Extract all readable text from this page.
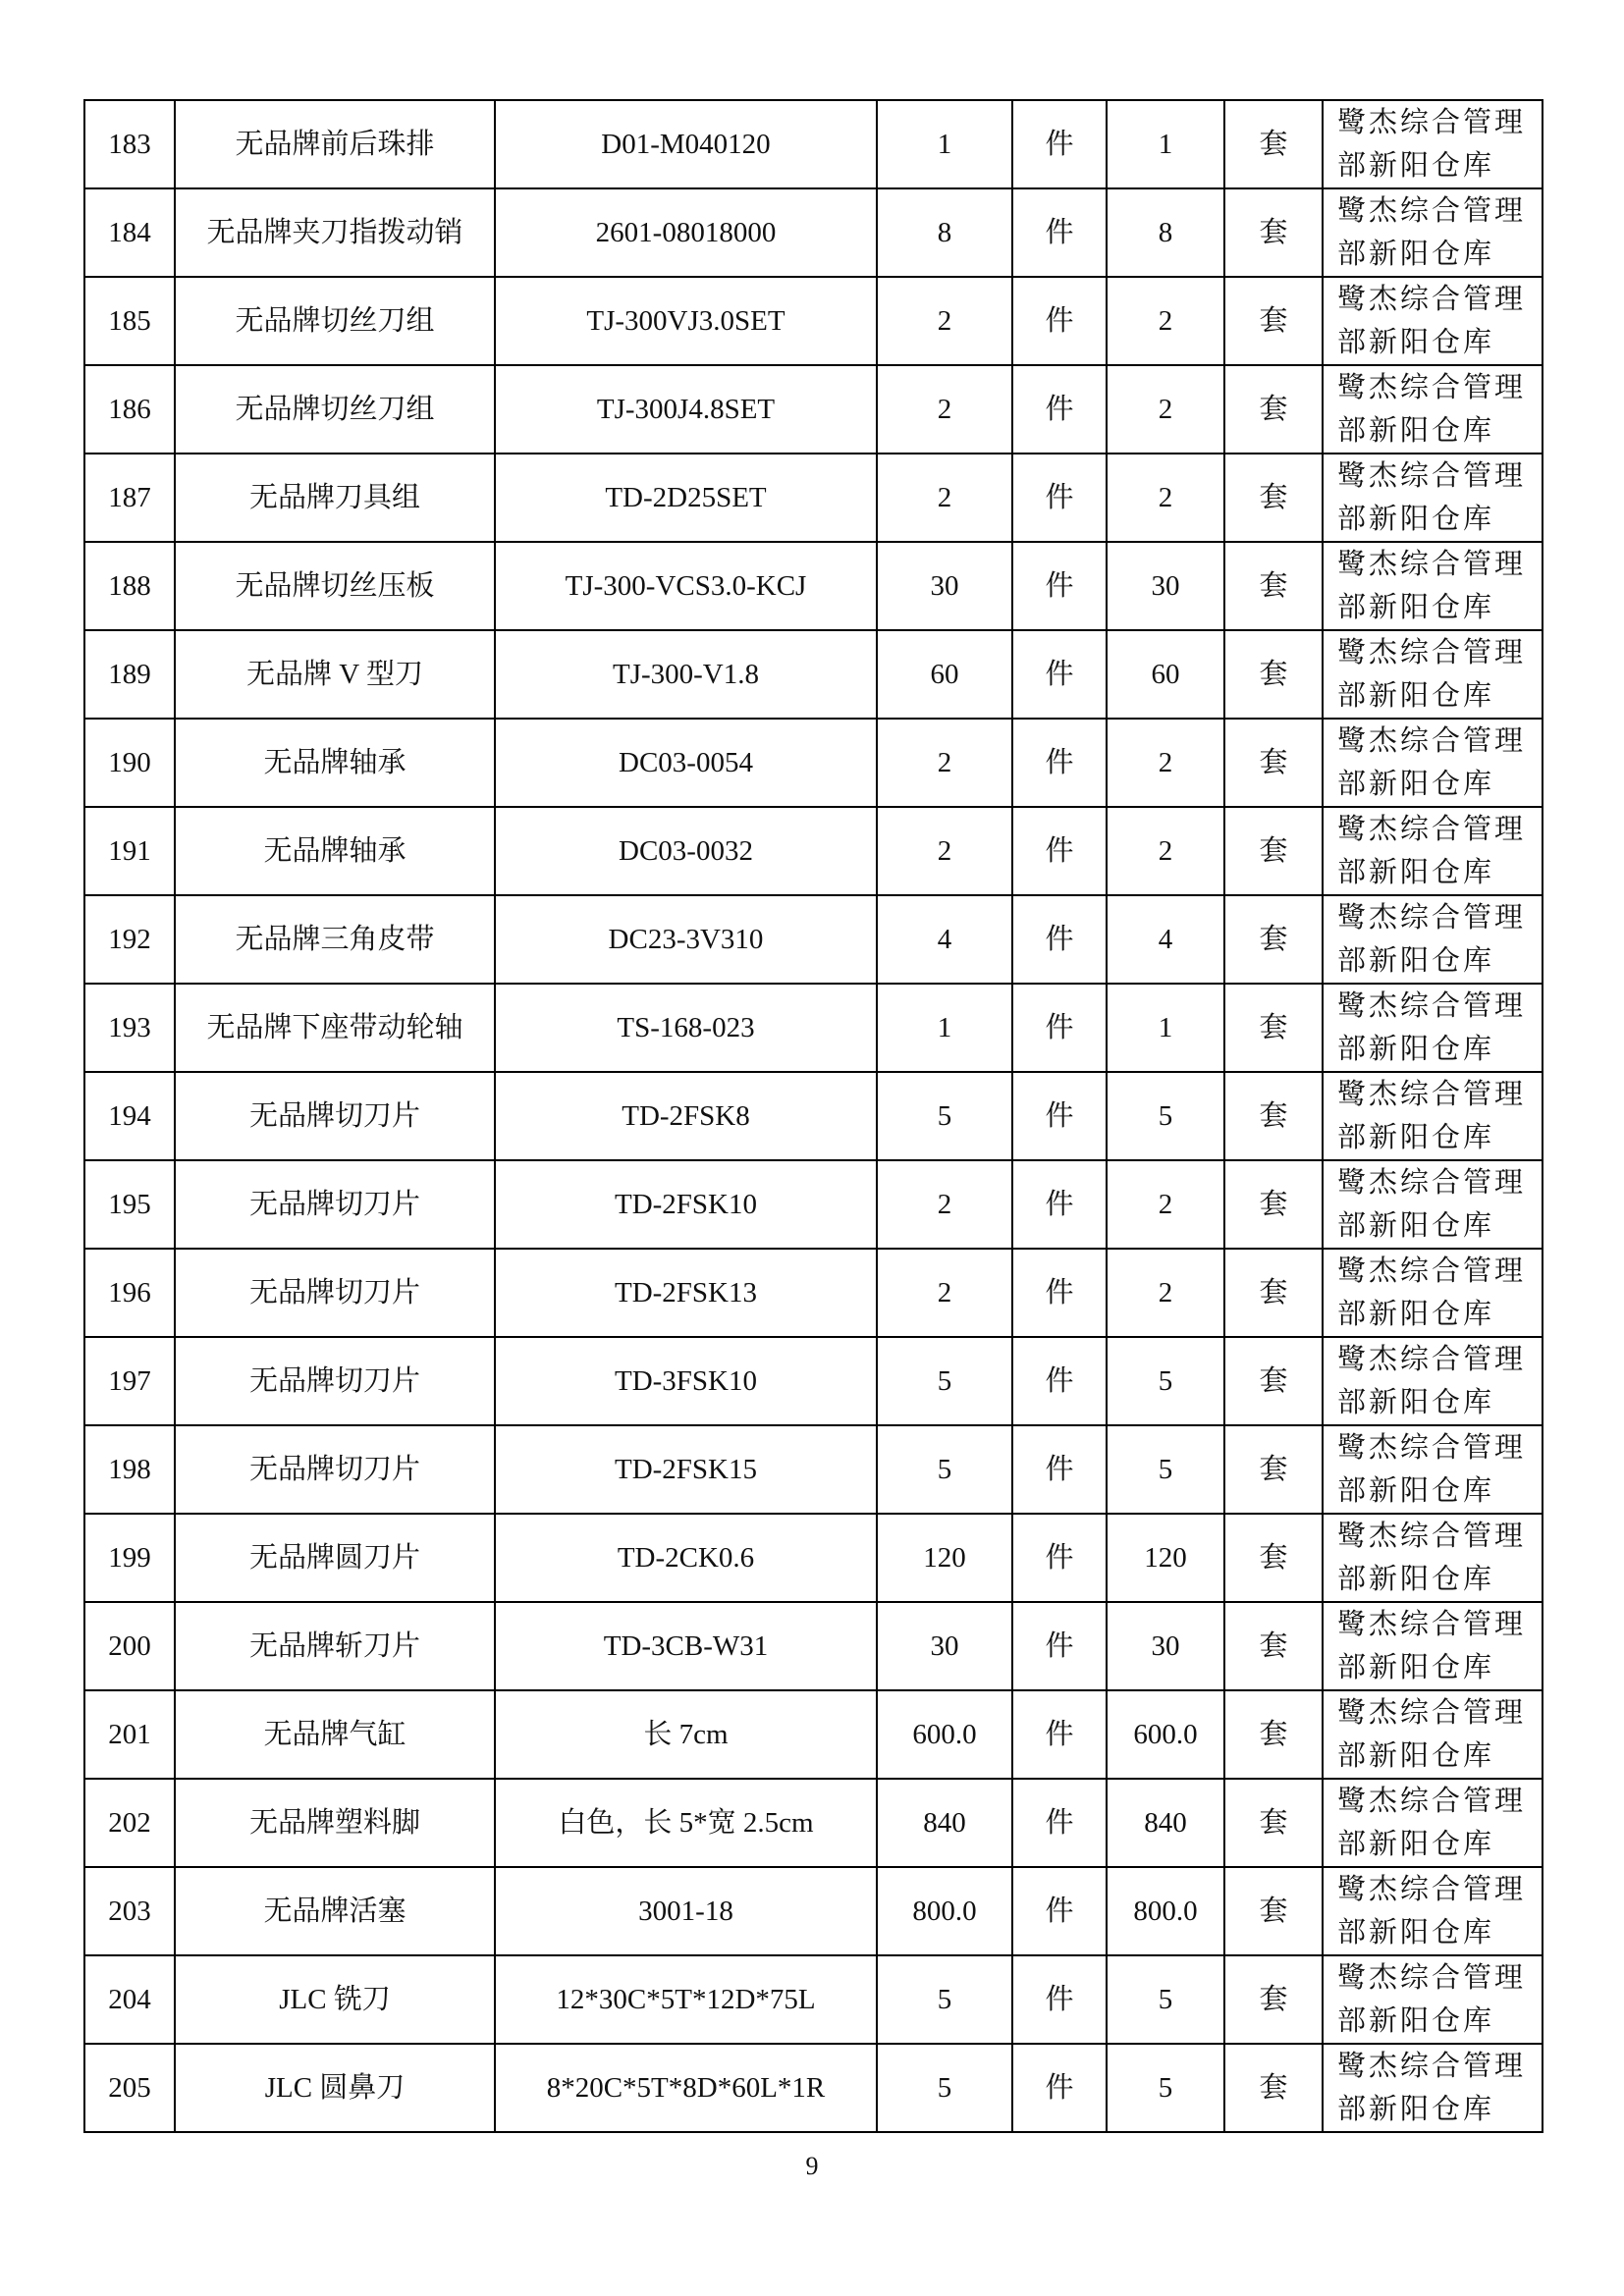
183	无品牌前后珠排	D01-M040120	1	件	1	套	鹭杰综合管理部新阳仓库
184	无品牌夹刀指拨动销	2601-08018000	8	件	8	套	鹭杰综合管理部新阳仓库
185	无品牌切丝刀组	TJ-300VJ3.0SET	2	件	2	套	鹭杰综合管理部新阳仓库
186	无品牌切丝刀组	TJ-300J4.8SET	2	件	2	套	鹭杰综合管理部新阳仓库
187	无品牌刀具组	TD-2D25SET	2	件	2	套	鹭杰综合管理部新阳仓库
188	无品牌切丝压板	TJ-300-VCS3.0-KCJ	30	件	30	套	鹭杰综合管理部新阳仓库
189	无品牌 V 型刀	TJ-300-V1.8	60	件	60	套	鹭杰综合管理部新阳仓库
190	无品牌轴承	DC03-0054	2	件	2	套	鹭杰综合管理部新阳仓库
191	无品牌轴承	DC03-0032	2	件	2	套	鹭杰综合管理部新阳仓库
192	无品牌三角皮带	DC23-3V310	4	件	4	套	鹭杰综合管理部新阳仓库
193	无品牌下座带动轮轴	TS-168-023	1	件	1	套	鹭杰综合管理部新阳仓库
194	无品牌切刀片	TD-2FSK8	5	件	5	套	鹭杰综合管理部新阳仓库
195	无品牌切刀片	TD-2FSK10	2	件	2	套	鹭杰综合管理部新阳仓库
196	无品牌切刀片	TD-2FSK13	2	件	2	套	鹭杰综合管理部新阳仓库
197	无品牌切刀片	TD-3FSK10	5	件	5	套	鹭杰综合管理部新阳仓库
198	无品牌切刀片	TD-2FSK15	5	件	5	套	鹭杰综合管理部新阳仓库
199	无品牌圆刀片	TD-2CK0.6	120	件	120	套	鹭杰综合管理部新阳仓库
200	无品牌斩刀片	TD-3CB-W31	30	件	30	套	鹭杰综合管理部新阳仓库
201	无品牌气缸	长 7cm	600.0	件	600.0	套	鹭杰综合管理部新阳仓库
202	无品牌塑料脚	白色，长 5*宽 2.5cm	840	件	840	套	鹭杰综合管理部新阳仓库
203	无品牌活塞	3001-18	800.0	件	800.0	套	鹭杰综合管理部新阳仓库
204	JLC 铣刀	12*30C*5T*12D*75L	5	件	5	套	鹭杰综合管理部新阳仓库
205	JLC 圆鼻刀	8*20C*5T*8D*60L*1R	5	件	5	套	鹭杰综合管理部新阳仓库
9
